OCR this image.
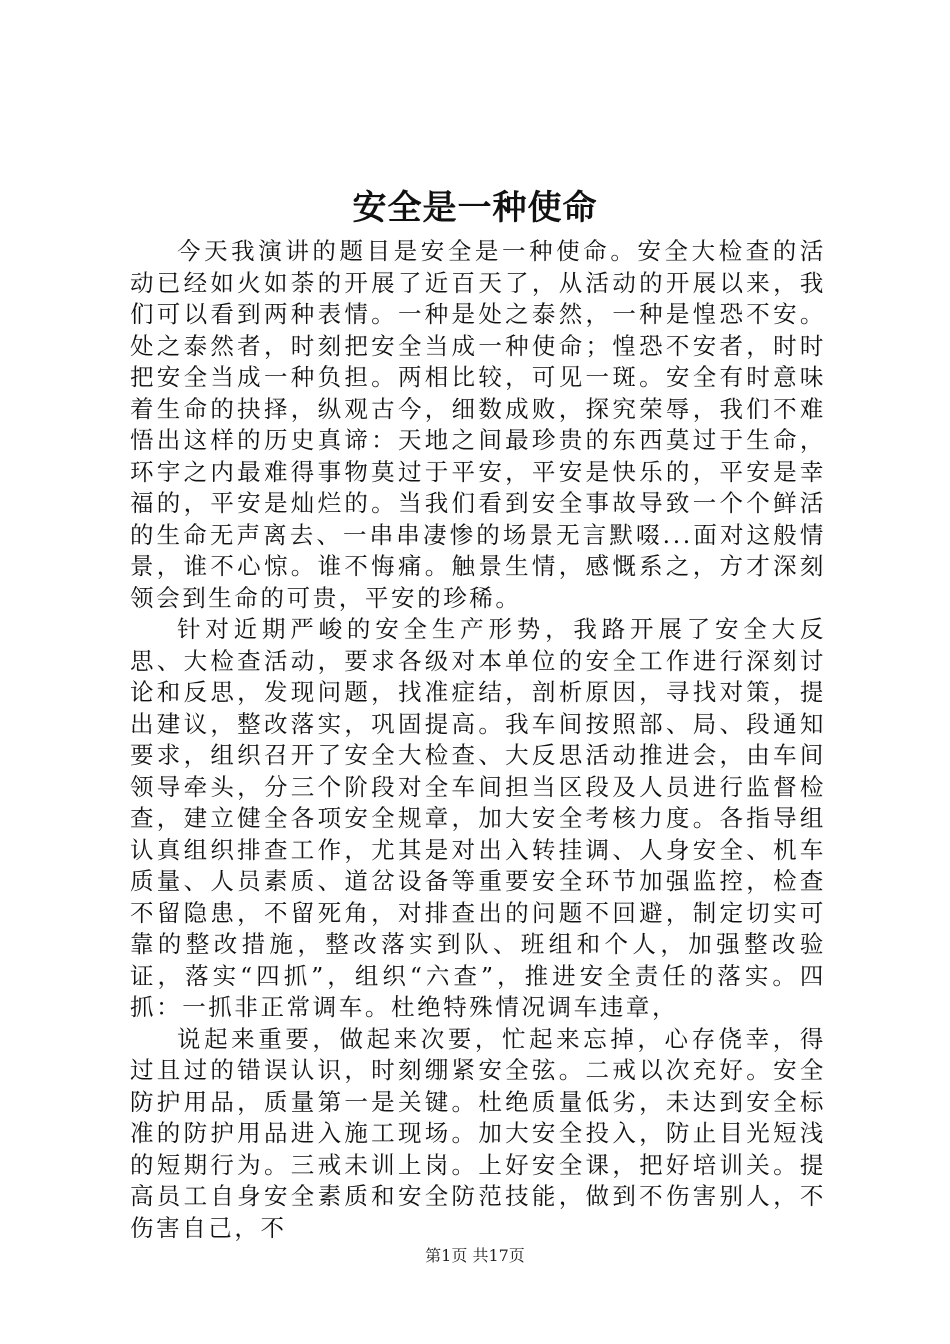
安全是一种使命

今天我演讲的题目是安全是一种使命。安全大检查的活动已经如火如荼的开展了近百天了，从活动的开展以来，我们可以看到两种表情。一种是处之泰然，一种是惶恐不安。处之泰然者，时刻把安全当成一种使命；惶恐不安者，时时把安全当成一种负担。两相比较，可见一斑。安全有时意味着生命的抉择，纵观古今，细数成败，探究荣辱，我们不难悟出这样的历史真谛：天地之间最珍贵的东西莫过于生命，环宇之内最难得事物莫过于平安，平安是快乐的，平安是幸福的，平安是灿烂的。当我们看到安全事故导致一个个鲜活的生命无声离去、一串串凄惨的场景无言默啜...面对这般情景，谁不心惊。谁不悔痛。触景生情，感慨系之，方才深刻领会到生命的可贵，平安的珍稀。

针对近期严峻的安全生产形势，我路开展了安全大反思、大检查活动，要求各级对本单位的安全工作进行深刻讨论和反思，发现问题，找准症结，剖析原因，寻找对策，提出建议，整改落实，巩固提高。我车间按照部、局、段通知要求，组织召开了安全大检查、大反思活动推进会，由车间领导牵头，分三个阶段对全车间担当区段及人员进行监督检查，建立健全各项安全规章，加大安全考核力度。各指导组认真组织排查工作，尤其是对出入转挂调、人身安全、机车质量、人员素质、道岔设备等重要安全环节加强监控，检查不留隐患，不留死角，对排查出的问题不回避，制定切实可靠的整改措施，整改落实到队、班组和个人，加强整改验证，落实“四抓”，组织“六查”，推进安全责任的落实。四抓：一抓非正常调车。杜绝特殊情况调车违章，

说起来重要，做起来次要，忙起来忘掉，心存侥幸，得过且过的错误认识，时刻绷紧安全弦。二戒以次充好。安全防护用品，质量第一是关键。杜绝质量低劣，未达到安全标准的防护用品进入施工现场。加大安全投入，防止目光短浅的短期行为。三戒未训上岗。上好安全课，把好培训关。提高员工自身安全素质和安全防范技能，做到不伤害别人，不伤害自己，不

第1页 共17页
